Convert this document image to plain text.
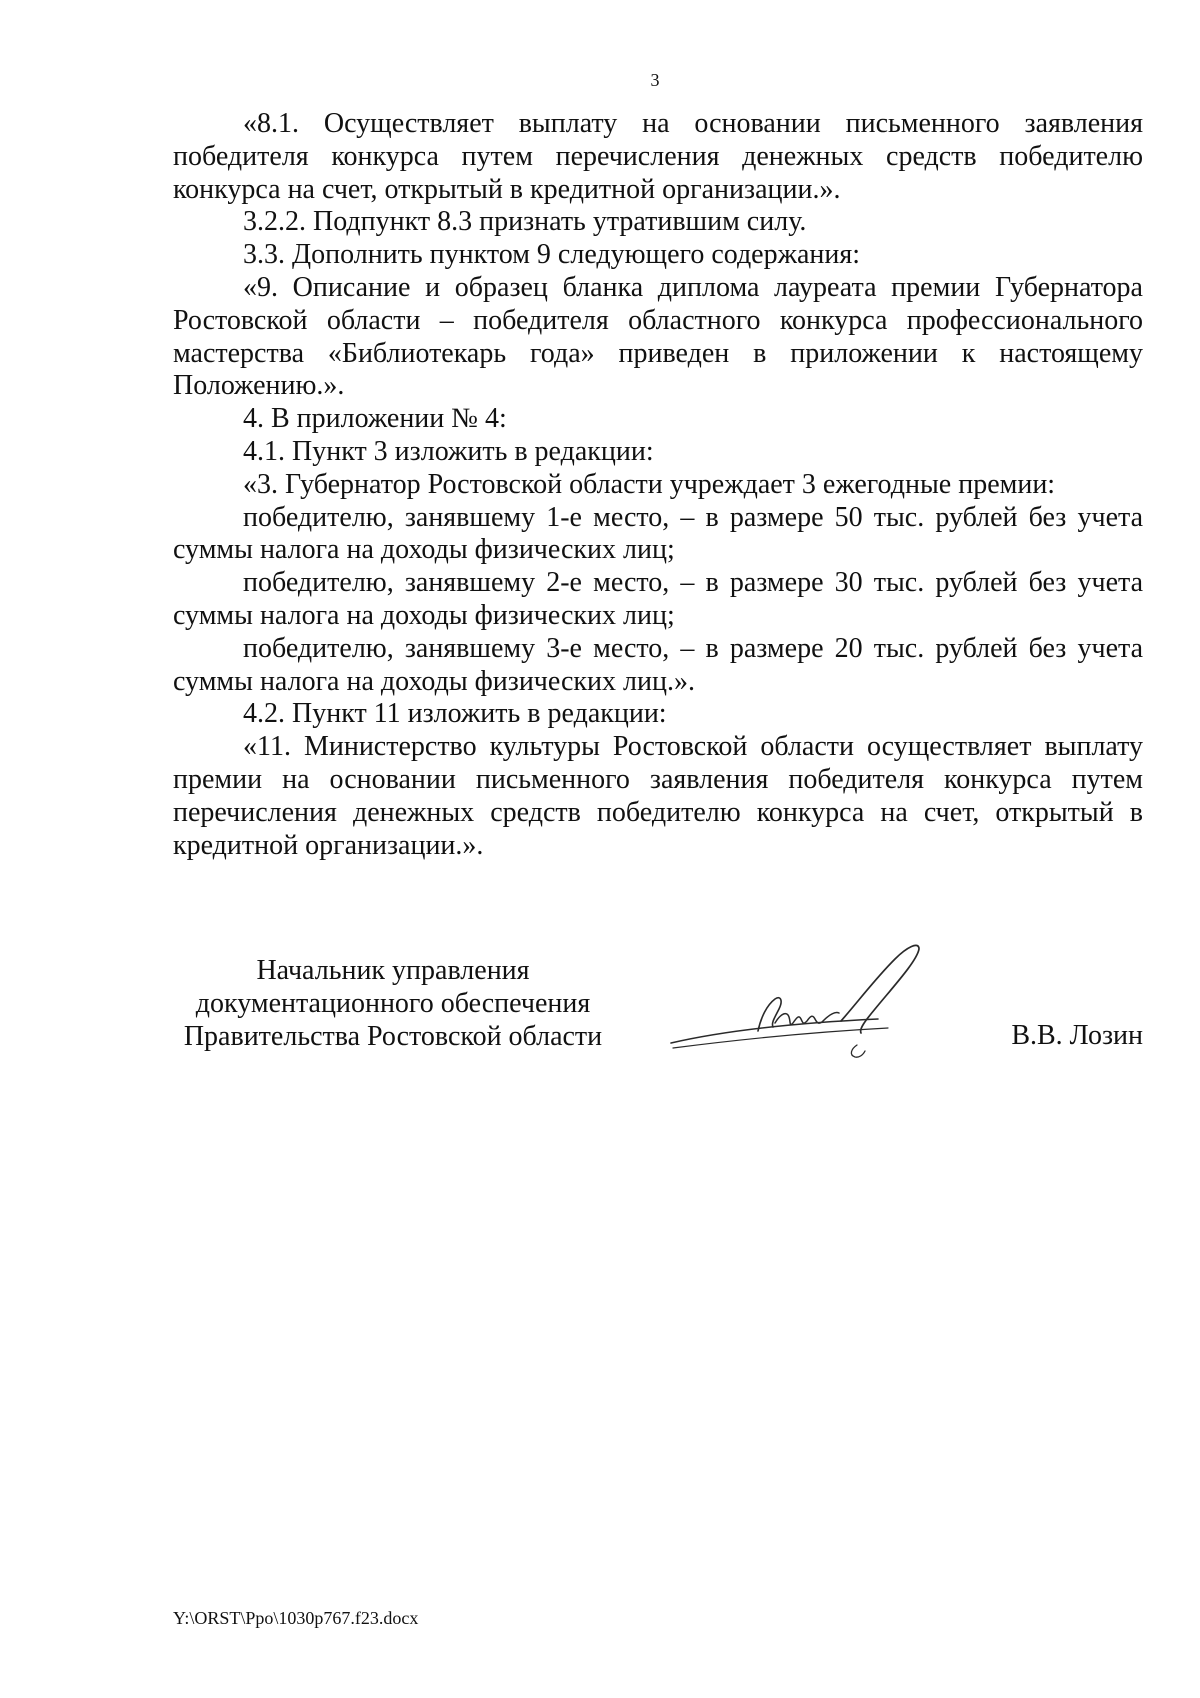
3

«8.1. Осуществляет выплату на основании письменного заявления победителя конкурса путем перечисления денежных средств победителю конкурса на счет, открытый в кредитной организации.».

3.2.2. Подпункт 8.3 признать утратившим силу.

3.3. Дополнить пунктом 9 следующего содержания:

«9. Описание и образец бланка диплома лауреата премии Губернатора Ростовской области – победителя областного конкурса профессионального мастерства «Библиотекарь года» приведен в приложении к настоящему Положению.».

4. В приложении № 4:

4.1. Пункт 3 изложить в редакции:

«3. Губернатор Ростовской области учреждает 3 ежегодные премии:

победителю, занявшему 1-е место, – в размере 50 тыс. рублей без учета суммы налога на доходы физических лиц;

победителю, занявшему 2-е место, – в размере 30 тыс. рублей без учета суммы налога на доходы физических лиц;

победителю, занявшему 3-е место, – в размере 20 тыс. рублей без учета суммы налога на доходы физических лиц.».

4.2. Пункт 11 изложить в редакции:

«11. Министерство культуры Ростовской области осуществляет выплату премии на основании письменного заявления победителя конкурса путем перечисления денежных средств победителю конкурса на счет, открытый в кредитной организации.».

Начальник управления
документационного обеспечения
Правительства Ростовской области	В.В. Лозин
Y:\ORST\Ppo\1030p767.f23.docx
